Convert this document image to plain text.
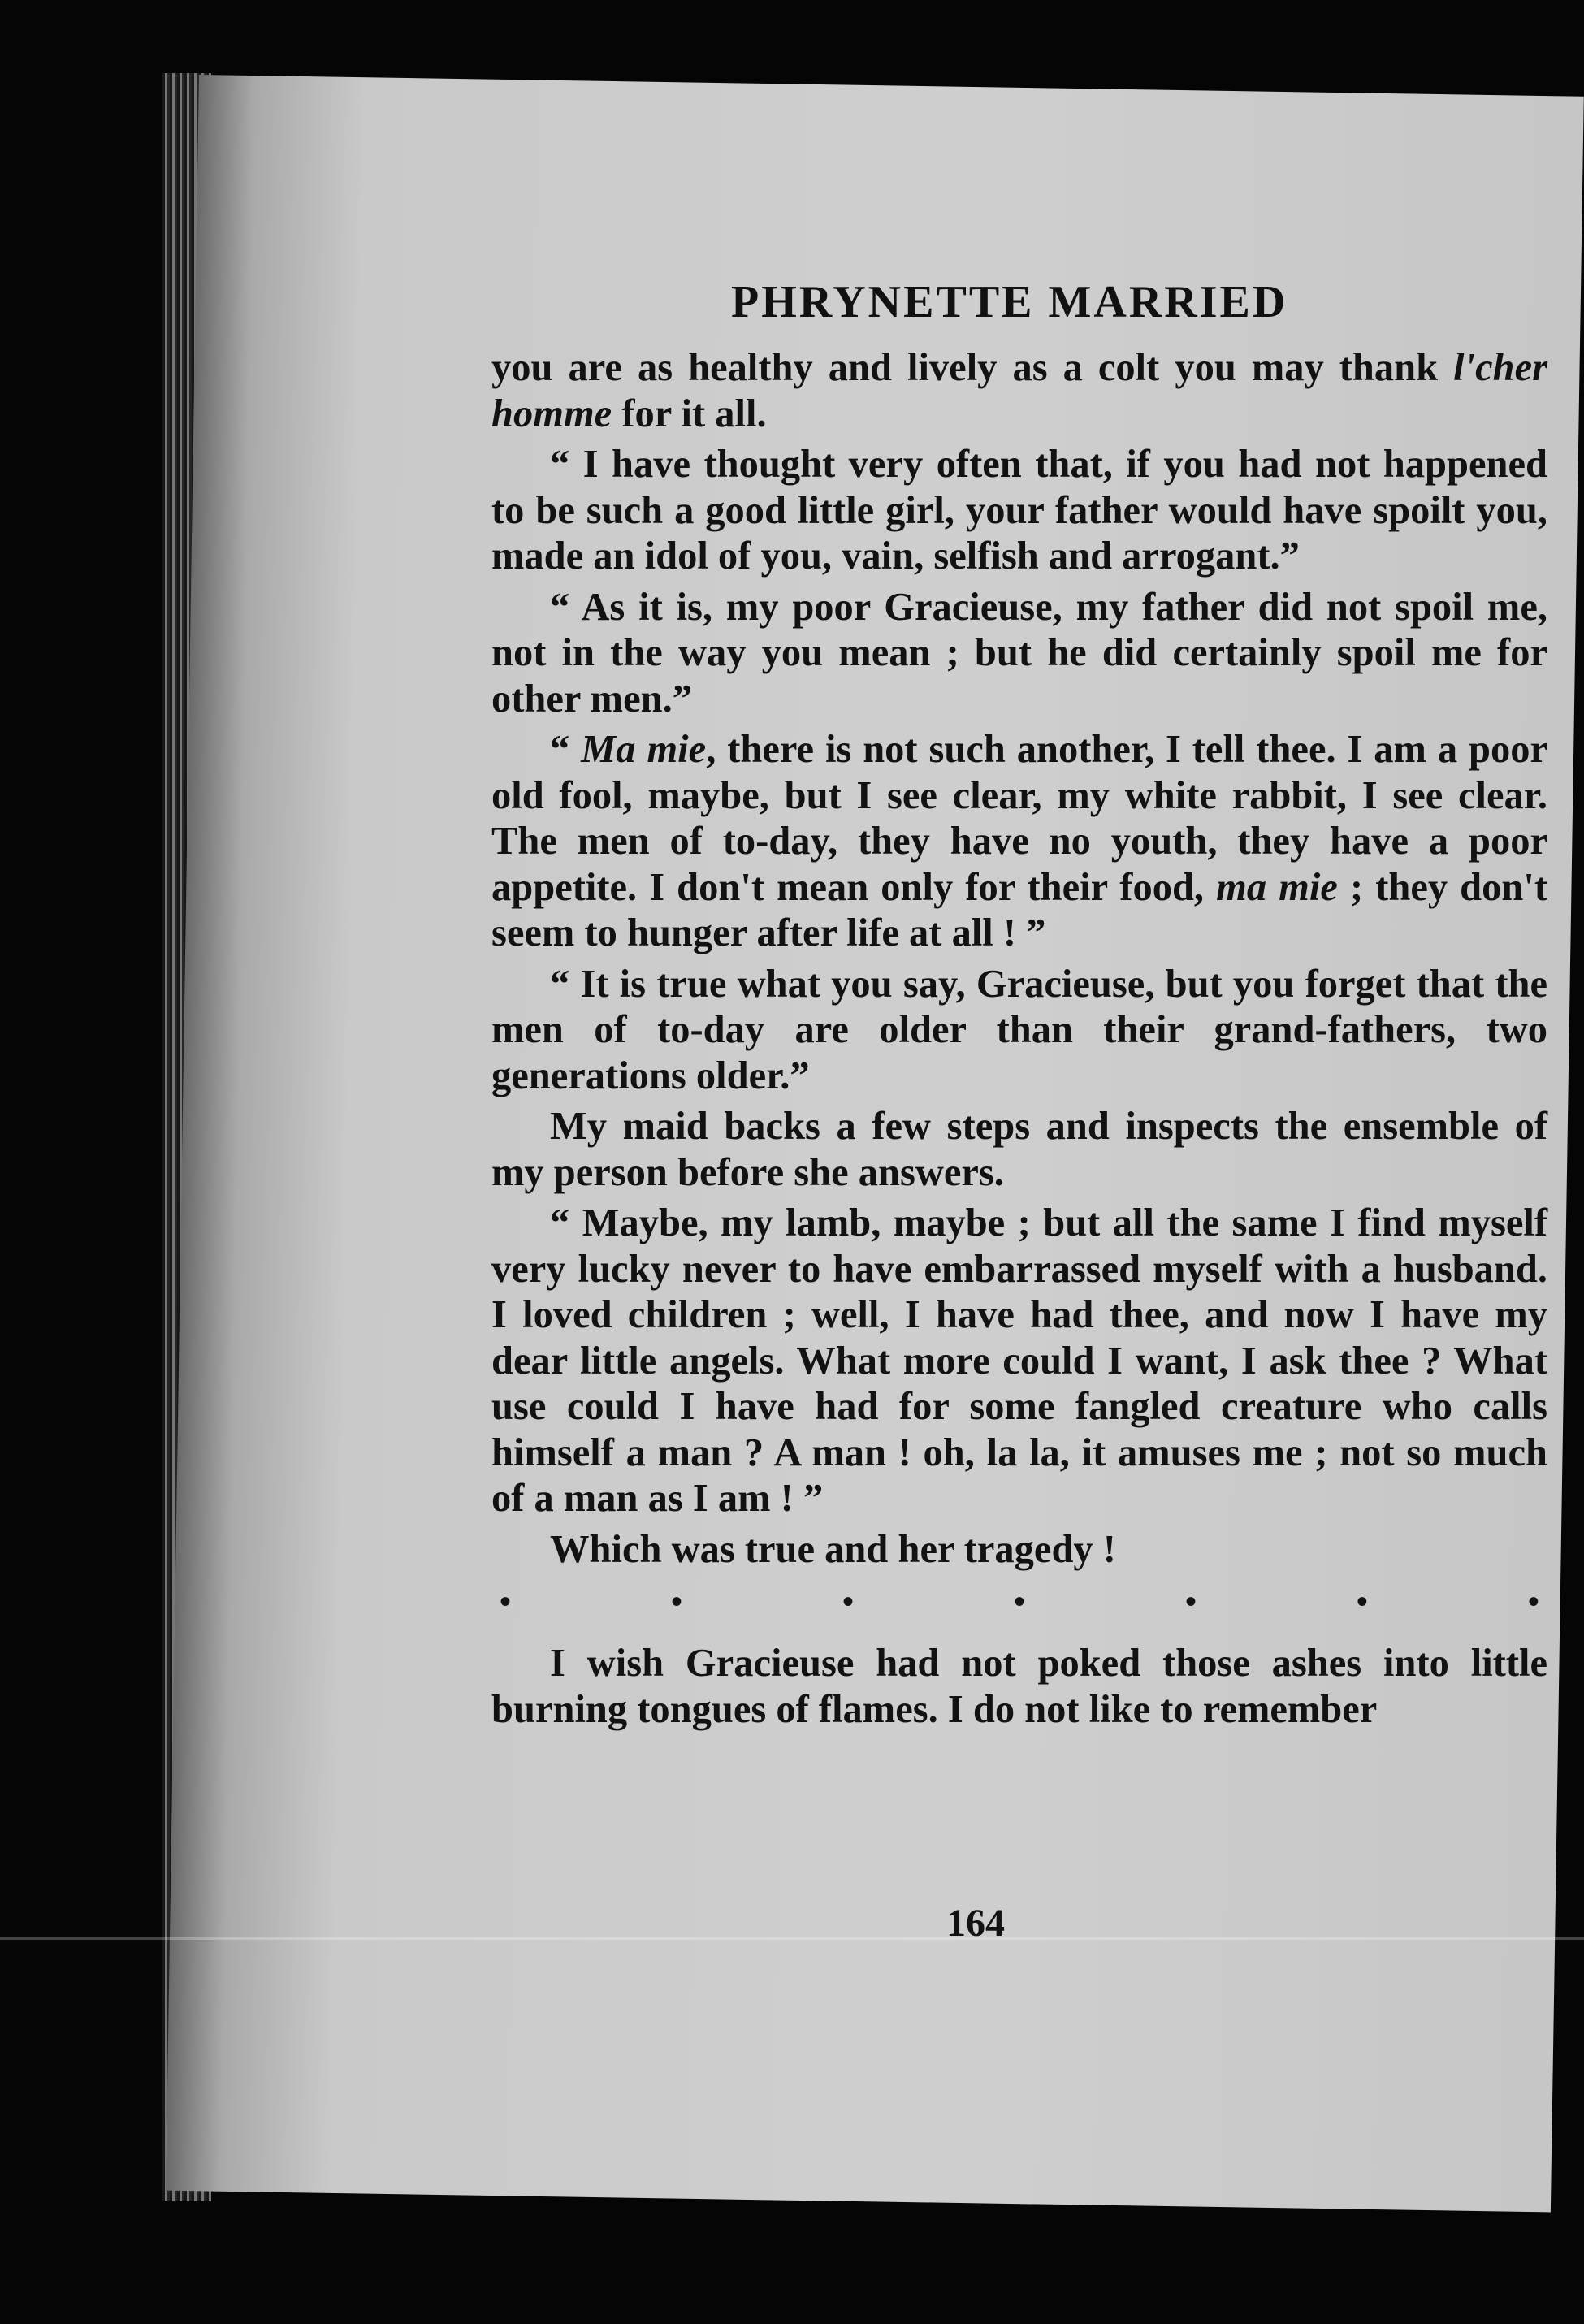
PHRYNETTE MARRIED

you are as healthy and lively as a colt you may thank l'cher homme for it all.

“ I have thought very often that, if you had not happened to be such a good little girl, your father would have spoilt you, made an idol of you, vain, selfish and arrogant.”

“ As it is, my poor Gracieuse, my father did not spoil me, not in the way you mean ; but he did certainly spoil me for other men.”

“ Ma mie, there is not such another, I tell thee. I am a poor old fool, maybe, but I see clear, my white rabbit, I see clear. The men of to-day, they have no youth, they have a poor appetite. I don't mean only for their food, ma mie ; they don't seem to hunger after life at all ! ”

“ It is true what you say, Gracieuse, but you forget that the men of to-day are older than their grand-fathers, two generations older.”

My maid backs a few steps and inspects the ensemble of my person before she answers.

“ Maybe, my lamb, maybe ; but all the same I find myself very lucky never to have embarrassed myself with a husband. I loved children ; well, I have had thee, and now I have my dear little angels. What more could I want, I ask thee ? What use could I have had for some fangled creature who calls himself a man ? A man ! oh, la la, it amuses me ; not so much of a man as I am ! ”

Which was true and her tragedy !

•	•	•	•	•	•	•

I wish Gracieuse had not poked those ashes into little burning tongues of flames. I do not like to remember

164
